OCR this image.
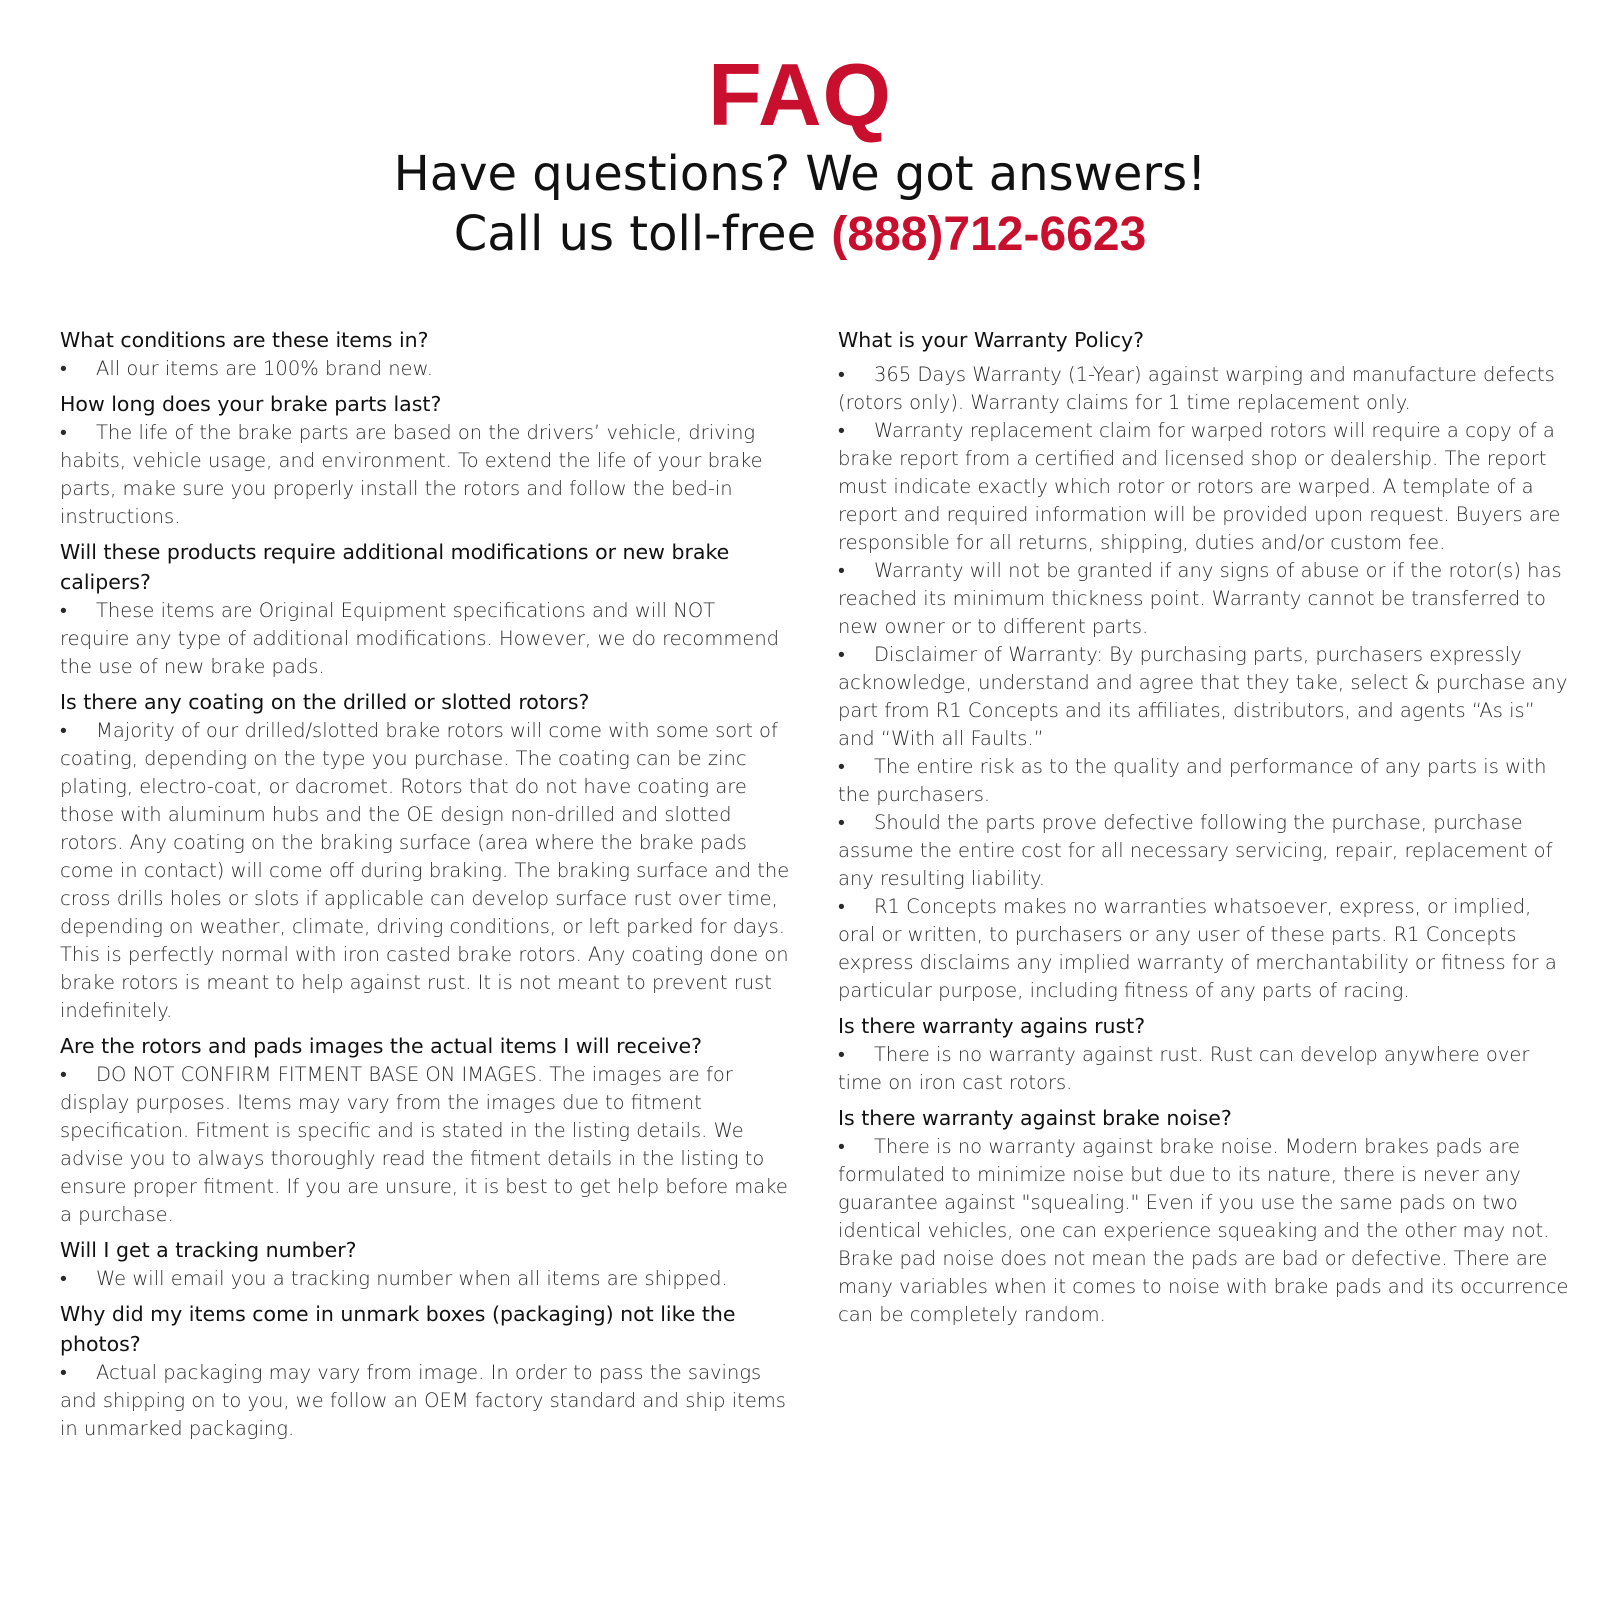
FAQ
Have questions? We got answers!
Call us toll-free (888)712-6623
What conditions are these items in?
• All our items are 100% brand new.
How long does your brake parts last?
• The life of the brake parts are based on the drivers’ vehicle, driving habits, vehicle usage, and environment. To extend the life of your brake parts, make sure you properly install the rotors and follow the bed-in instructions.
Will these products require additional modifications or new brake calipers?
• These items are Original Equipment specifications and will NOT require any type of additional modifications. However, we do recommend the use of new brake pads.
Is there any coating on the drilled or slotted rotors?
• Majority of our drilled/slotted brake rotors will come with some sort of coating, depending on the type you purchase. The coating can be zinc plating, electro-coat, or dacromet. Rotors that do not have coating are those with aluminum hubs and the OE design non-drilled and slotted rotors. Any coating on the braking surface (area where the brake pads come in contact) will come off during braking. The braking surface and the cross drills holes or slots if applicable can develop surface rust over time, depending on weather, climate, driving conditions, or left parked for days. This is perfectly normal with iron casted brake rotors. Any coating done on brake rotors is meant to help against rust. It is not meant to prevent rust indefinitely.
Are the rotors and pads images the actual items I will receive?
• DO NOT CONFIRM FITMENT BASE ON IMAGES. The images are for display purposes. Items may vary from the images due to fitment specification. Fitment is specific and is stated in the listing details. We advise you to always thoroughly read the fitment details in the listing to ensure proper fitment. If you are unsure, it is best to get help before make a purchase.
Will I get a tracking number?
• We will email you a tracking number when all items are shipped.
Why did my items come in unmark boxes (packaging) not like the photos?
• Actual packaging may vary from image. In order to pass the savings and shipping on to you, we follow an OEM factory standard and ship items in unmarked packaging.
What is your Warranty Policy?
• 365 Days Warranty (1-Year) against warping and manufacture defects (rotors only). Warranty claims for 1 time replacement only.
• Warranty replacement claim for warped rotors will require a copy of a brake report from a certified and licensed shop or dealership. The report must indicate exactly which rotor or rotors are warped. A template of a report and required information will be provided upon request. Buyers are responsible for all returns, shipping, duties and/or custom fee.
• Warranty will not be granted if any signs of abuse or if the rotor(s) has reached its minimum thickness point. Warranty cannot be transferred to new owner or to different parts.
• Disclaimer of Warranty: By purchasing parts, purchasers expressly acknowledge, understand and agree that they take, select & purchase any part from R1 Concepts and its affiliates, distributors, and agents “As is” and “With all Faults.”
• The entire risk as to the quality and performance of any parts is with the purchasers.
• Should the parts prove defective following the purchase, purchase assume the entire cost for all necessary servicing, repair, replacement of any resulting liability.
• R1 Concepts makes no warranties whatsoever, express, or implied, oral or written, to purchasers or any user of these parts. R1 Concepts express disclaims any implied warranty of merchantability or fitness for a particular purpose, including fitness of any parts of racing.
Is there warranty agains rust?
• There is no warranty against rust. Rust can develop anywhere over time on iron cast rotors.
Is there warranty against brake noise?
• There is no warranty against brake noise. Modern brakes pads are formulated to minimize noise but due to its nature, there is never any guarantee against "squealing." Even if you use the same pads on two identical vehicles, one can experience squeaking and the other may not. Brake pad noise does not mean the pads are bad or defective. There are many variables when it comes to noise with brake pads and its occurrence can be completely random.
